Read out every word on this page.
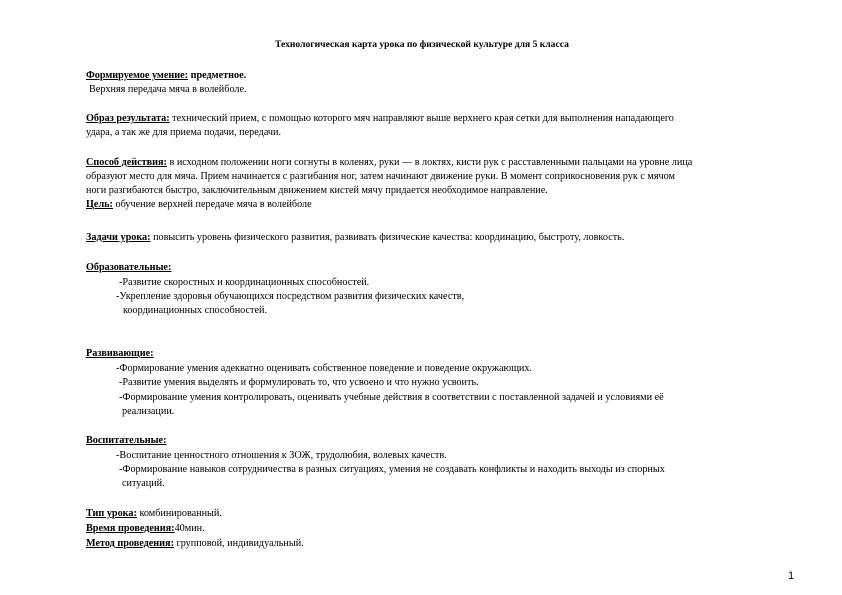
Технологическая карта урока по физической культуре для 5 класса
Формируемое умение: предметное.
Верхняя передача мяча в волейболе.
Образ результата: технический прием, с помощью которого мяч направляют выше верхнего края сетки для выполнения нападающего
удара, а так же для приема подачи, передачи.
Способ действия: в исходном положении ноги согнуты в коленях, руки — в локтях, кисти рук с расставленными пальцами на уровне лица
образуют место для мяча. Прием начинается с разгибания ног, затем начинают движение руки. В момент соприкосновения рук с мячом
ноги разгибаются быстро, заключительным движением кистей мячу придается необходимое направление.
Цель: обучение верхней передаче мяча в волейболе
Задачи урока: повысить уровень физического развития, развивать физические качества: координацию, быстроту, ловкость.
Образовательные:
-Развитие скоростных и координационных способностей.
-Укрепление здоровья обучающихся посредством развития физических качеств,
координационных способностей.
Развивающие:
-Формирование умения адекватно оценивать собственное поведение и поведение окружающих.
-Развитие умения выделять и формулировать то, что усвоено и что нужно усвоить.
-Формирование умения контролировать, оценивать учебные действия в соответствии с поставленной задачей и условиями её
реализации.
Воспитательные:
-Воспитание ценностного отношения к ЗОЖ, трудолюбия, волевых качеств.
-Формирование навыков сотрудничества в разных ситуациях, умения не создавать конфликты и находить выходы из спорных
ситуаций.
Тип урока: комбинированный.
Время проведения:40мин.
Метод проведения: групповой, индивидуальный.
1
